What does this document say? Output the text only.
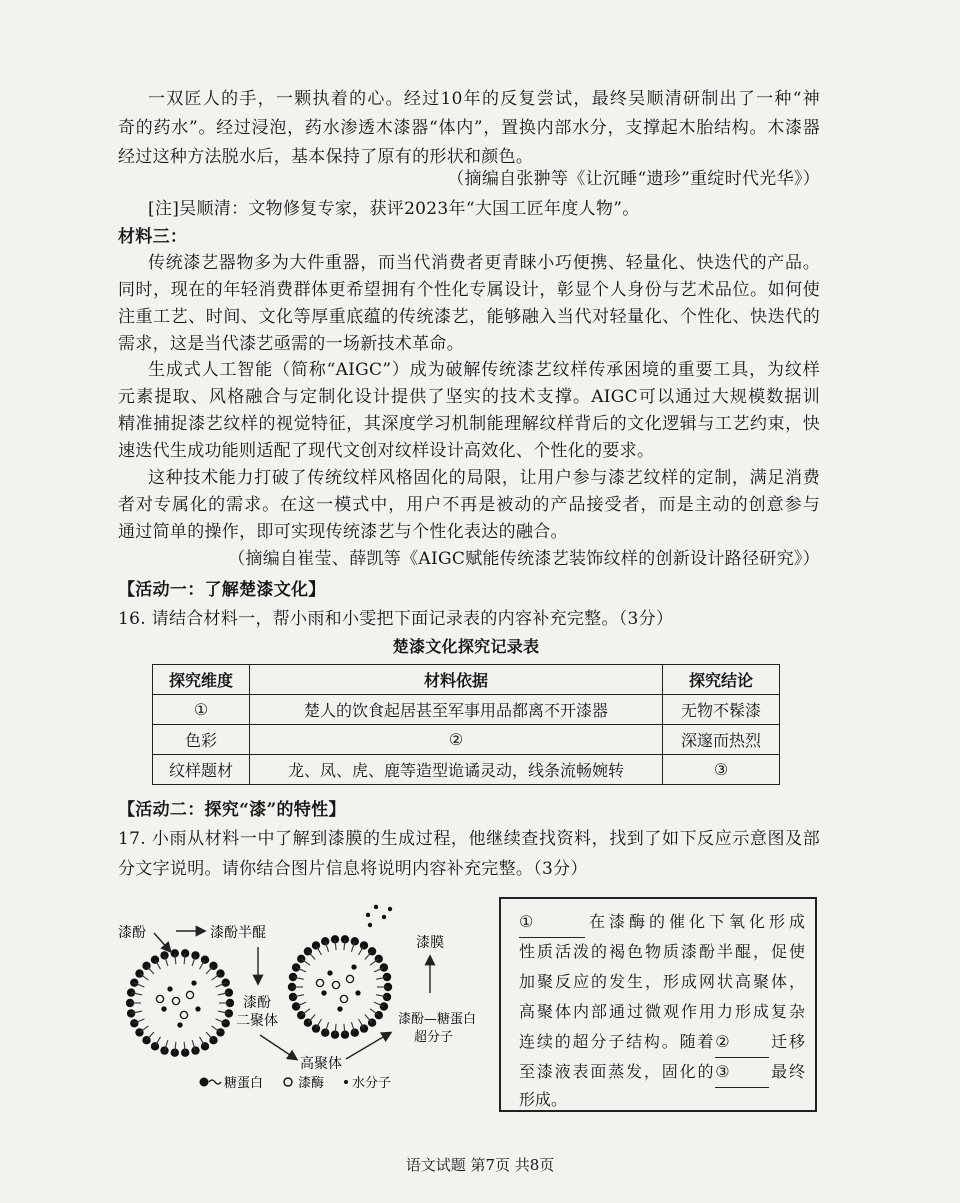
一双匠人的手，一颗执着的心。经过10年的反复尝试，最终吴顺清研制出了一种“神
奇的药水”。经过浸泡，药水渗透木漆器“体内”，置换内部水分，支撑起木胎结构。木漆器
经过这种方法脱水后，基本保持了原有的形状和颜色。
（摘编自张翀等《让沉睡“遗珍”重绽时代光华》）
[注]吴顺清：文物修复专家，获评2023年“大国工匠年度人物”。
材料三：
传统漆艺器物多为大件重器，而当代消费者更青睐小巧便携、轻量化、快迭代的产品。
同时，现在的年轻消费群体更希望拥有个性化专属设计，彰显个人身份与艺术品位。如何使
注重工艺、时间、文化等厚重底蕴的传统漆艺，能够融入当代对轻量化、个性化、快迭代的
需求，这是当代漆艺亟需的一场新技术革命。
生成式人工智能（简称“AIGC”）成为破解传统漆艺纹样传承困境的重要工具，为纹样
元素提取、风格融合与定制化设计提供了坚实的技术支撑。AIGC可以通过大规模数据训
精准捕捉漆艺纹样的视觉特征，其深度学习机制能理解纹样背后的文化逻辑与工艺约束，快
速迭代生成功能则适配了现代文创对纹样设计高效化、个性化的要求。
这种技术能力打破了传统纹样风格固化的局限，让用户参与漆艺纹样的定制，满足消费
者对专属化的需求。在这一模式中，用户不再是被动的产品接受者，而是主动的创意参与
通过简单的操作，即可实现传统漆艺与个性化表达的融合。
（摘编自崔莹、薛凯等《AIGC赋能传统漆艺装饰纹样的创新设计路径研究》）
【活动一：了解楚漆文化】
16. 请结合材料一，帮小雨和小雯把下面记录表的内容补充完整。（3分）
楚漆文化探究记录表
探究维度	材料依据	探究结论
①	楚人的饮食起居甚至军事用品都离不开漆器	无物不髹漆
色彩	②	深邃而热烈
纹样题材	龙、凤、虎、鹿等造型诡谲灵动，线条流畅婉转	③
【活动二：探究“漆”的特性】
17. 小雨从材料一中了解到漆膜的生成过程，他继续查找资料，找到了如下反应示意图及部
分文字说明。请你结合图片信息将说明内容补充完整。（3分）
漆酚	漆酚半醌
漆酚
二聚体
高聚体
漆酚—糖蛋白
超分子
漆膜
糖蛋白	漆酶 水分子
①	在漆酶的催化下氧化形成
性质活泼的褐色物质漆酚半醌，促使
加聚反应的发生，形成网状高聚体，
高聚体内部通过微观作用力形成复杂
连续的超分子结构。随着② 迁移
至漆液表面蒸发，固化的③ 最终
形成。
语文试题 第7页 共8页
